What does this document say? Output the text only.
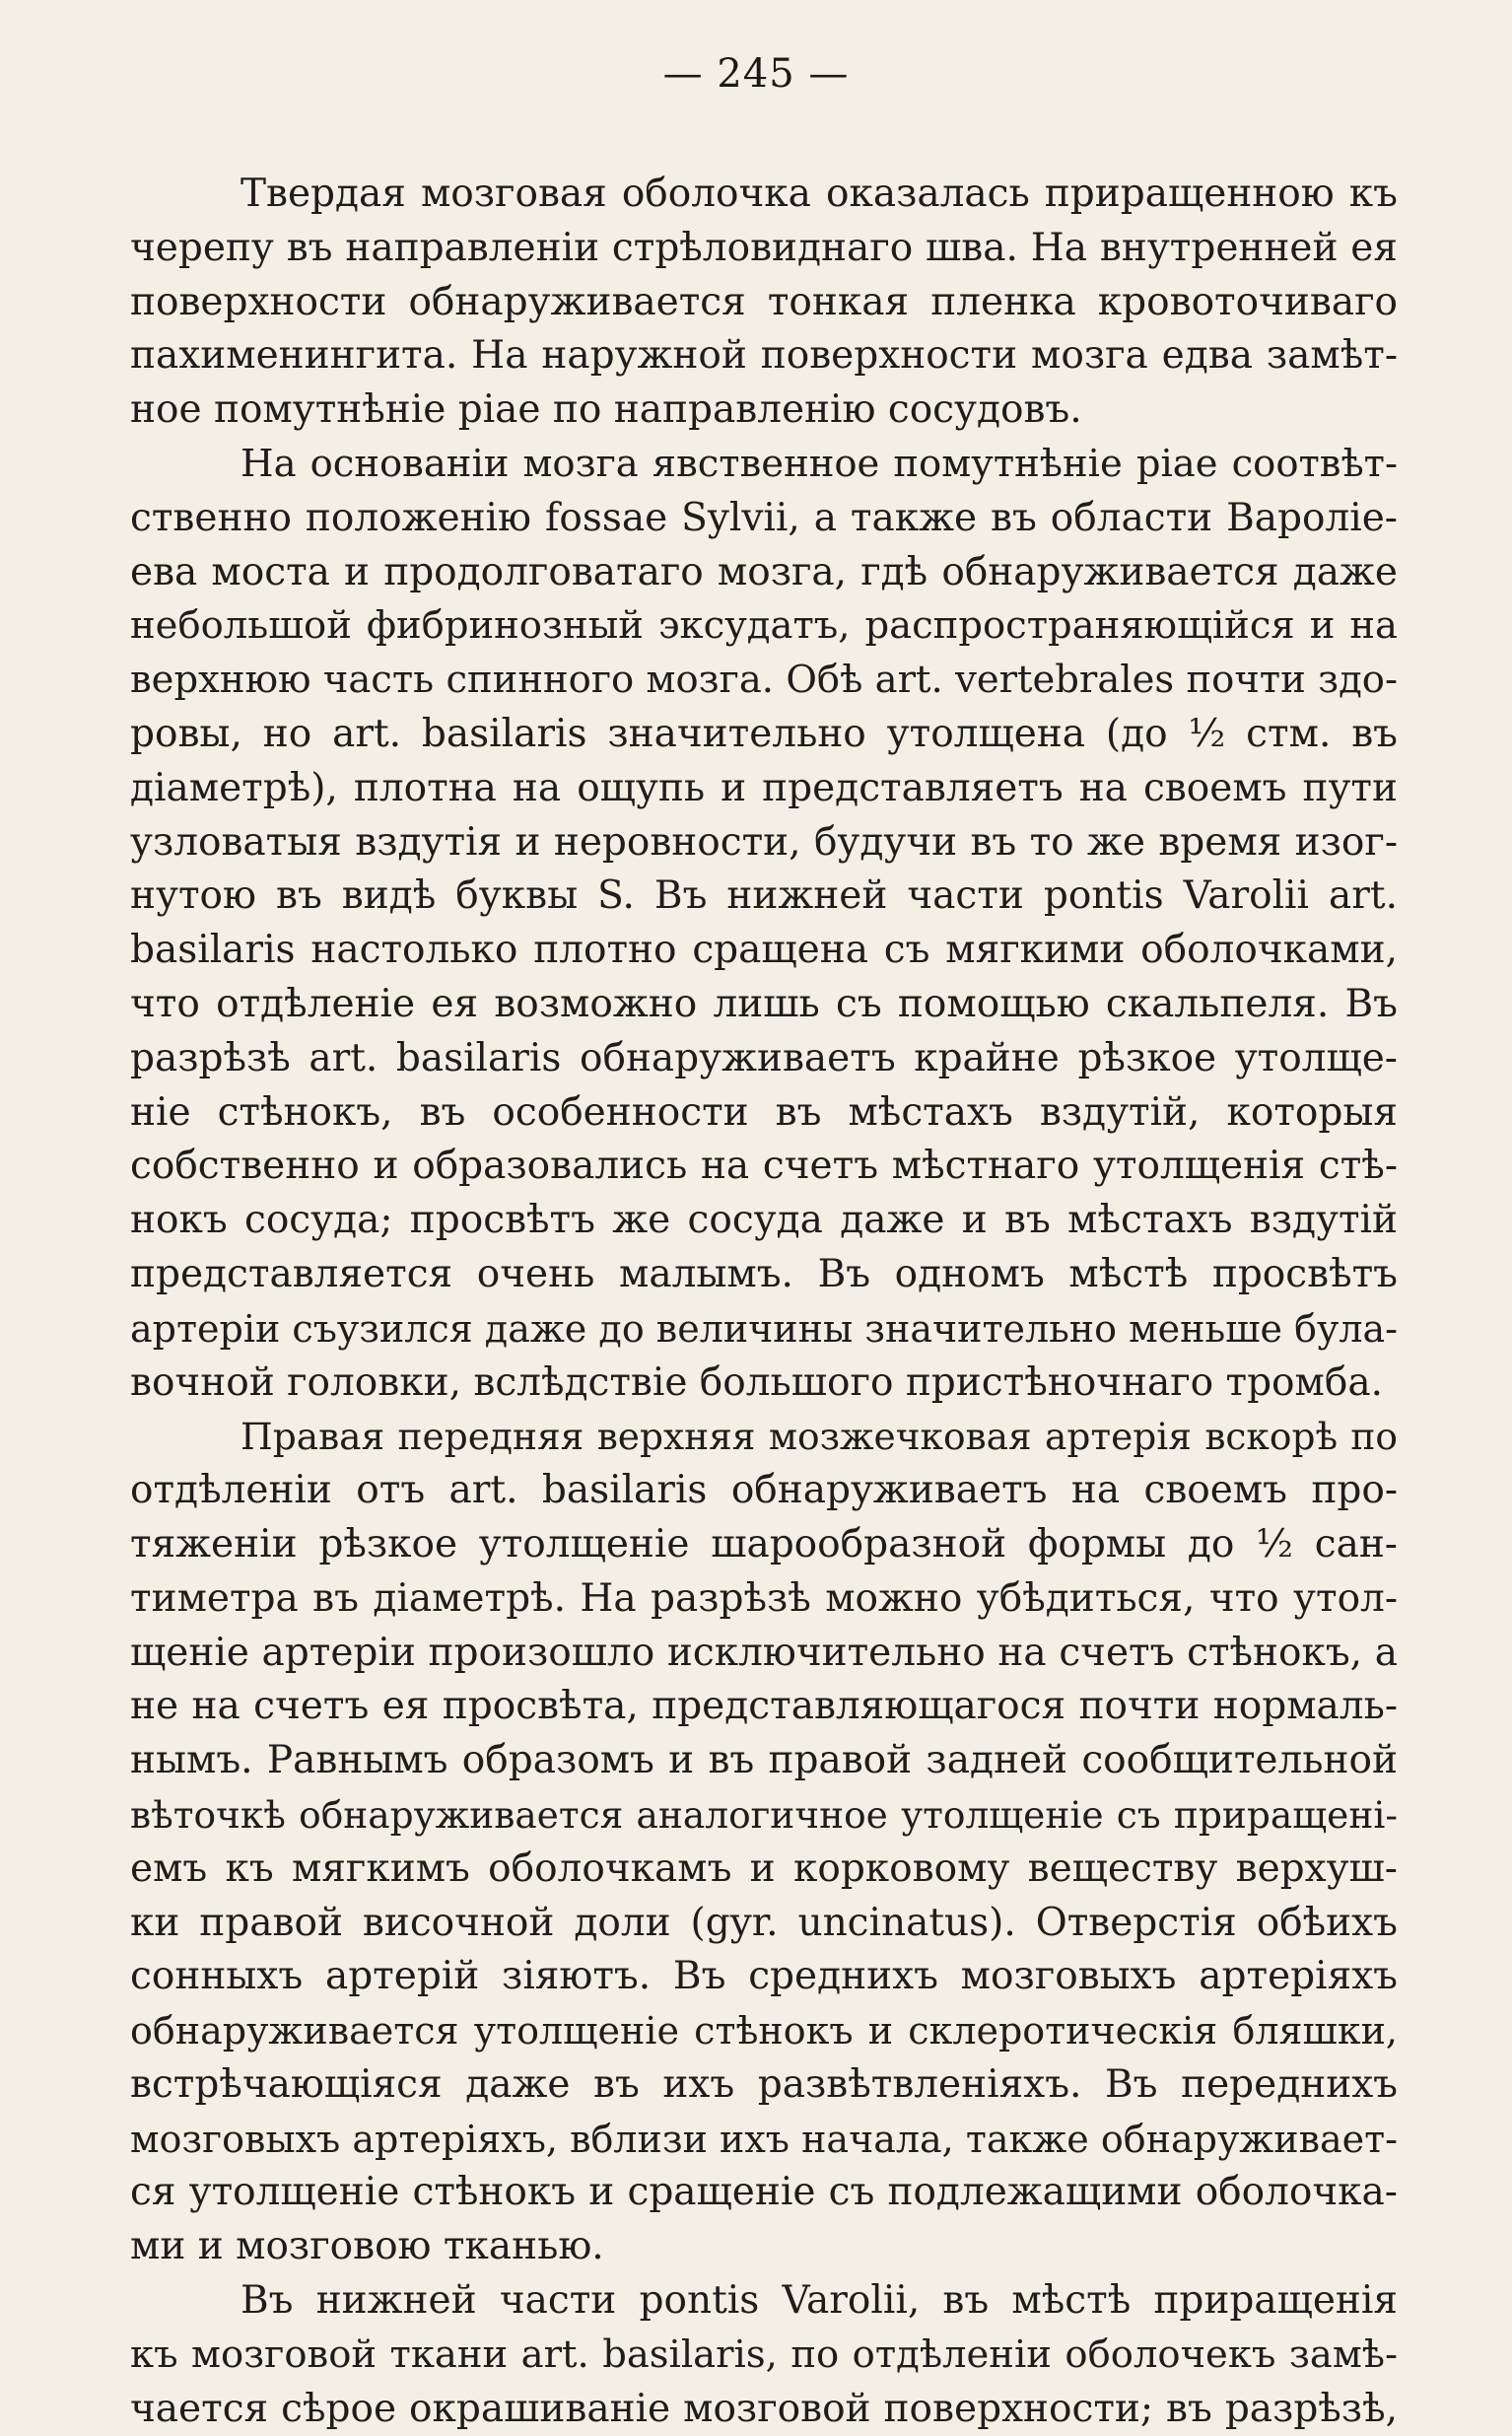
— 245 —
Твердая мозговая оболочка оказалась приращенною къ
черепу въ направленіи стрѣловиднаго шва. На внутренней ея
поверхности обнаруживается тонкая пленка кровоточиваго
пахименингита. На наружной поверхности мозга едва замѣт-
ное помутнѣніе piae по направленію сосудовъ.
На основаніи мозга явственное помутнѣніе piae соотвѣт-
ственно положенію fossae Sylvii, а также въ области Вароліе-
ева моста и продолговатаго мозга, гдѣ обнаруживается даже
небольшой фибринозный эксудатъ, распространяющійся и на
верхнюю часть спинного мозга. Обѣ art. vertebrales почти здо-
ровы, но art. basilaris значительно утолщена (до ½ стм. въ
діаметрѣ), плотна на ощупь и представляетъ на своемъ пути
узловатыя вздутія и неровности, будучи въ то же время изог-
нутою въ видѣ буквы S. Въ нижней части pontis Varolii art.
basilaris настолько плотно сращена съ мягкими оболочками,
что отдѣленіе ея возможно лишь съ помощью скальпеля. Въ
разрѣзѣ art. basilaris обнаруживаетъ крайне рѣзкое утолще-
ніе стѣнокъ, въ особенности въ мѣстахъ вздутій, которыя
собственно и образовались на счетъ мѣстнаго утолщенія стѣ-
нокъ сосуда; просвѣтъ же сосуда даже и въ мѣстахъ вздутій
представляется очень малымъ. Въ одномъ мѣстѣ просвѣтъ
артеріи съузился даже до величины значительно меньше була-
вочной головки, вслѣдствіе большого пристѣночнаго тромба.
Правая передняя верхняя мозжечковая артерія вскорѣ по
отдѣленіи отъ art. basilaris обнаруживаетъ на своемъ про-
тяженіи рѣзкое утолщеніе шарообразной формы до ½ сан-
тиметра въ діаметрѣ. На разрѣзѣ можно убѣдиться, что утол-
щеніе артеріи произошло исключительно на счетъ стѣнокъ, а
не на счетъ ея просвѣта, представляющагося почти нормаль-
нымъ. Равнымъ образомъ и въ правой задней сообщительной
вѣточкѣ обнаруживается аналогичное утолщеніе съ приращені-
емъ къ мягкимъ оболочкамъ и корковому веществу верхуш-
ки правой височной доли (gyr. uncinatus). Отверстія обѣихъ
сонныхъ артерій зіяютъ. Въ среднихъ мозговыхъ артеріяхъ
обнаруживается утолщеніе стѣнокъ и склеротическія бляшки,
встрѣчающіяся даже въ ихъ развѣтвленіяхъ. Въ переднихъ
мозговыхъ артеріяхъ, вблизи ихъ начала, также обнаруживает-
ся утолщеніе стѣнокъ и сращеніе съ подлежащими оболочка-
ми и мозговою тканью.
Въ нижней части pontis Varolii, въ мѣстѣ приращенія
къ мозговой ткани art. basilaris, по отдѣленіи оболочекъ замѣ-
чается сѣрое окрашиваніе мозговой поверхности; въ разрѣзѣ,
